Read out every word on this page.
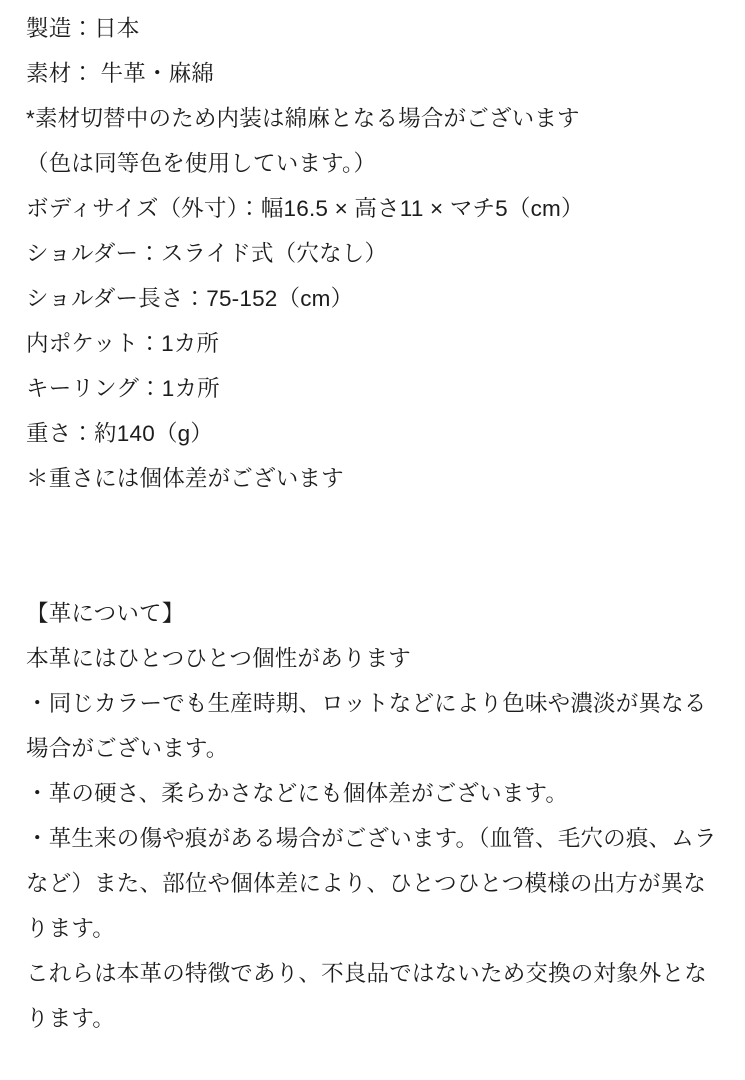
製造：日本
素材： 牛革・麻綿
*素材切替中のため内装は綿麻となる場合がございます
（色は同等色を使用しています。）
ボディサイズ（外寸）：幅16.5 × 高さ11 × マチ5（cm）
ショルダー：スライド式（穴なし）
ショルダー長さ：75-152（cm）
内ポケット：1カ所
キーリング：1カ所
重さ：約140（g）
＊重さには個体差がございます
【革について】
本革にはひとつひとつ個性があります
・同じカラーでも生産時期、ロットなどにより色味や濃淡が異なる場合がございます。
・革の硬さ、柔らかさなどにも個体差がございます。
・革生来の傷や痕がある場合がございます。（血管、毛穴の痕、ムラなど）また、部位や個体差により、ひとつひとつ模様の出方が異なります。
これらは本革の特徴であり、不良品ではないため交換の対象外となります。
